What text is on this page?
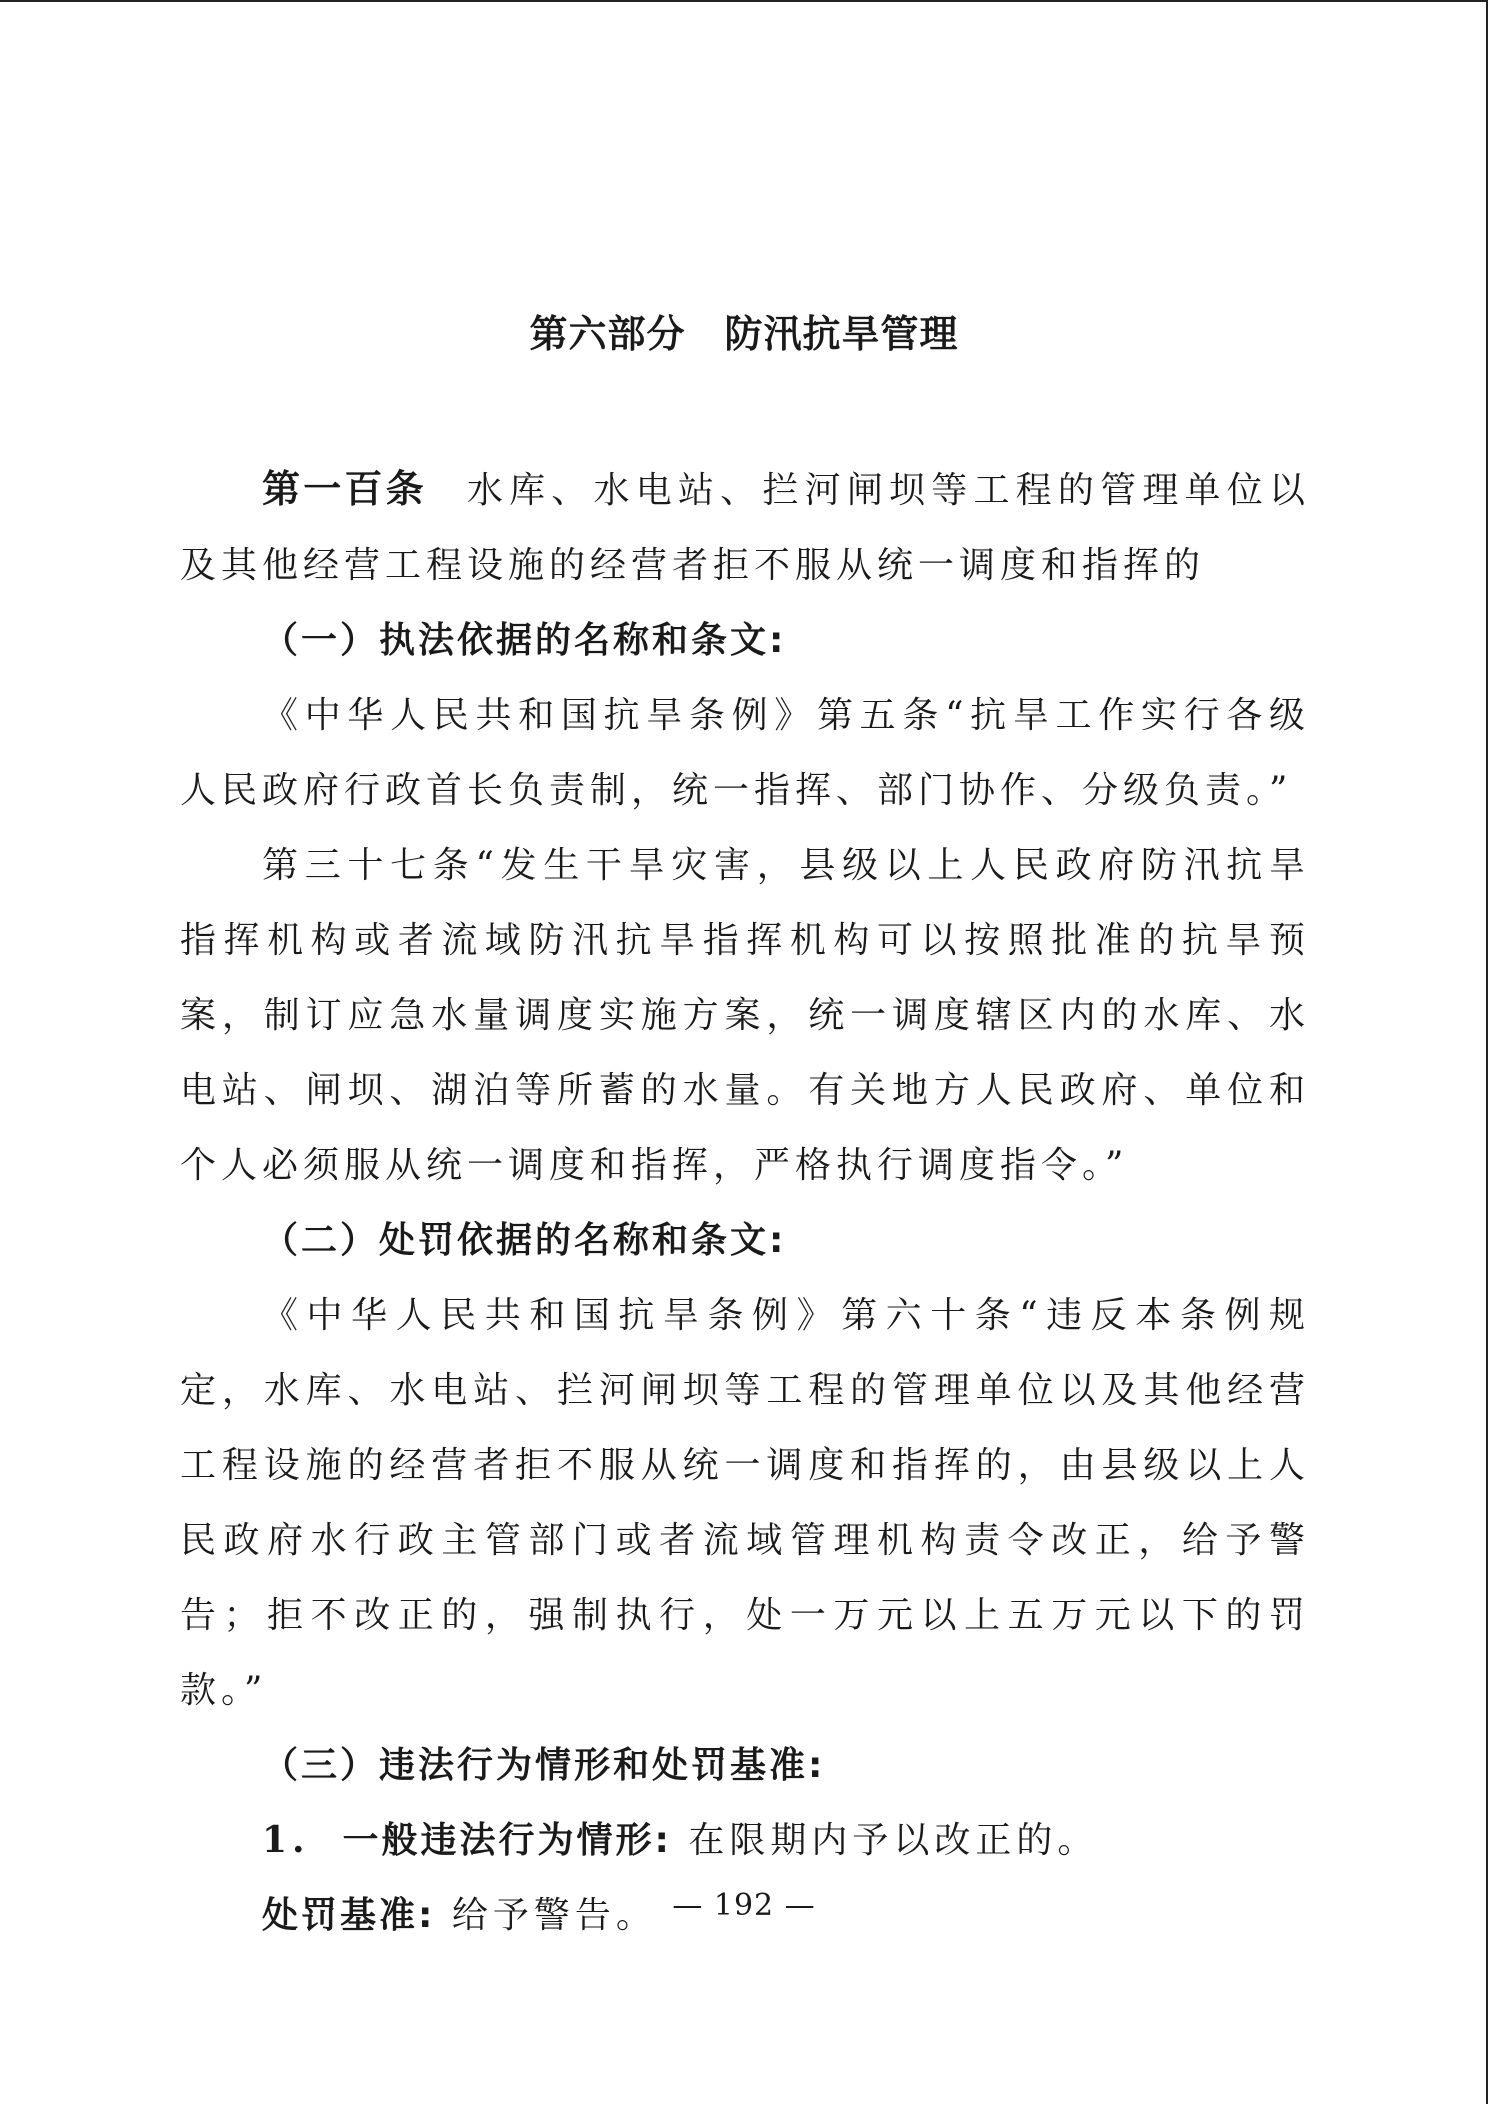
第六部分　防汛抗旱管理

第一百条 水库、水电站、拦河闸坝等工程的管理单位以及其他经营工程设施的经营者拒不服从统一调度和指挥的

（一）执法依据的名称和条文:

《中华人民共和国抗旱条例》第五条“抗旱工作实行各级人民政府行政首长负责制，统一指挥、部门协作、分级负责。”

第三十七条“发生干旱灾害，县级以上人民政府防汛抗旱指挥机构或者流域防汛抗旱指挥机构可以按照批准的抗旱预案，制订应急水量调度实施方案，统一调度辖区内的水库、水电站、闸坝、湖泊等所蓄的水量。有关地方人民政府、单位和个人必须服从统一调度和指挥，严格执行调度指令。”

（二）处罚依据的名称和条文:

《中华人民共和国抗旱条例》第六十条“违反本条例规定，水库、水电站、拦河闸坝等工程的管理单位以及其他经营工程设施的经营者拒不服从统一调度和指挥的，由县级以上人民政府水行政主管部门或者流域管理机构责令改正，给予警告；拒不改正的，强制执行，处一万元以上五万元以下的罚款。”

（三）违法行为情形和处罚基准:

1. 一般违法行为情形: 在限期内予以改正的。

处罚基准: 给予警告。 — 192 —
